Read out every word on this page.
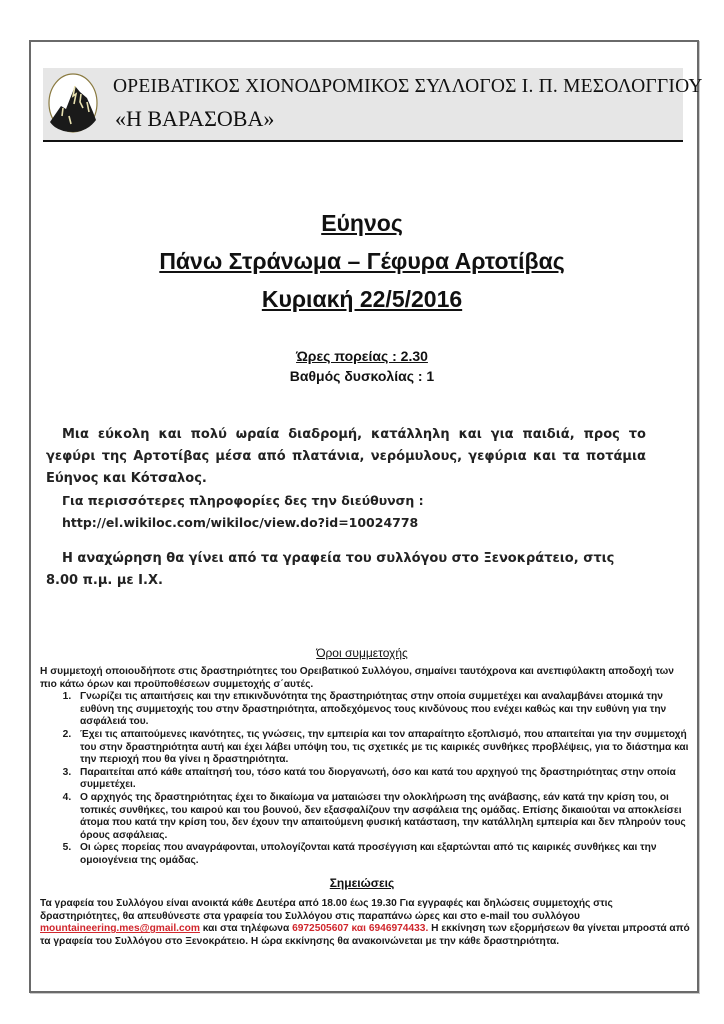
ΟΡΕΙΒΑΤΙΚΟΣ ΧΙΟΝΟΔΡΟΜΙΚΟΣ ΣΥΛΛΟΓΟΣ Ι. Π. ΜΕΣΟΛΟΓΓΙΟΥ
«Η ΒΑΡΑΣΟΒΑ»
Εύηνος
Πάνω Στράνωμα – Γέφυρα Αρτοτίβας
Κυριακή 22/5/2016
Ώρες πορείας : 2.30
Βαθμός δυσκολίας : 1
Μια εύκολη και πολύ ωραία διαδρομή, κατάλληλη και για παιδιά, προς το γεφύρι της Αρτοτίβας μέσα από πλατάνια, νερόμυλους, γεφύρια και τα ποτάμια Εύηνος και Κότσαλος.
Για περισσότερες πληροφορίες δες την διεύθυνση :
http://el.wikiloc.com/wikiloc/view.do?id=10024778
Η αναχώρηση θα γίνει από τα γραφεία του συλλόγου στο Ξενοκράτειο, στις 8.00 π.μ. με Ι.Χ.
Όροι συμμετοχής
Η συμμετοχή οποιουδήποτε στις δραστηριότητες του Ορειβατικού Συλλόγου, σημαίνει ταυτόχρονα και ανεπιφύλακτη αποδοχή των πιο κάτω όρων και προϋποθέσεων συμμετοχής σ΄αυτές.
1. Γνωρίζει τις απαιτήσεις και την επικινδυνότητα της δραστηριότητας στην οποία συμμετέχει και αναλαμβάνει ατομικά την ευθύνη της συμμετοχής του στην δραστηριότητα, αποδεχόμενος τους κινδύνους που ενέχει καθώς και την ευθύνη για την ασφάλειά του.
2. Έχει τις απαιτούμενες ικανότητες, τις γνώσεις, την εμπειρία και τον απαραίτητο εξοπλισμό, που απαιτείται για την συμμετοχή του στην δραστηριότητα αυτή και έχει λάβει υπόψη του, τις σχετικές με τις καιρικές συνθήκες προβλέψεις, για το διάστημα και την περιοχή που θα γίνει η δραστηριότητα.
3. Παραιτείται από κάθε απαίτησή του, τόσο κατά του διοργανωτή, όσο και κατά του αρχηγού της δραστηριότητας στην οποία συμμετέχει.
4. Ο αρχηγός της δραστηριότητας έχει το δικαίωμα να ματαιώσει την ολοκλήρωση της ανάβασης, εάν κατά την κρίση του, οι τοπικές συνθήκες, του καιρού και του βουνού, δεν εξασφαλίζουν την ασφάλεια της ομάδας. Επίσης δικαιούται να αποκλείσει άτομα που κατά την κρίση του, δεν έχουν την απαιτούμενη φυσική κατάσταση, την κατάλληλη εμπειρία και δεν πληρούν τους όρους ασφάλειας.
5. Οι ώρες πορείας που αναγράφονται, υπολογίζονται κατά προσέγγιση και εξαρτώνται από τις καιρικές συνθήκες και την ομοιογένεια της ομάδας.
Σημειώσεις
Τα γραφεία του Συλλόγου είναι ανοικτά κάθε Δευτέρα από 18.00 έως 19.30 Για εγγραφές και δηλώσεις συμμετοχής στις δραστηριότητες, θα απευθύνεστε στα γραφεία του Συλλόγου στις παραπάνω ώρες και στο e-mail του συλλόγου mountaineering.mes@gmail.com και στα τηλέφωνα 6972505607 και 6946974433. Η εκκίνηση των εξορμήσεων θα γίνεται μπροστά από τα γραφεία του Συλλόγου στο Ξενοκράτειο. Η ώρα εκκίνησης θα ανακοινώνεται με την κάθε δραστηριότητα.
